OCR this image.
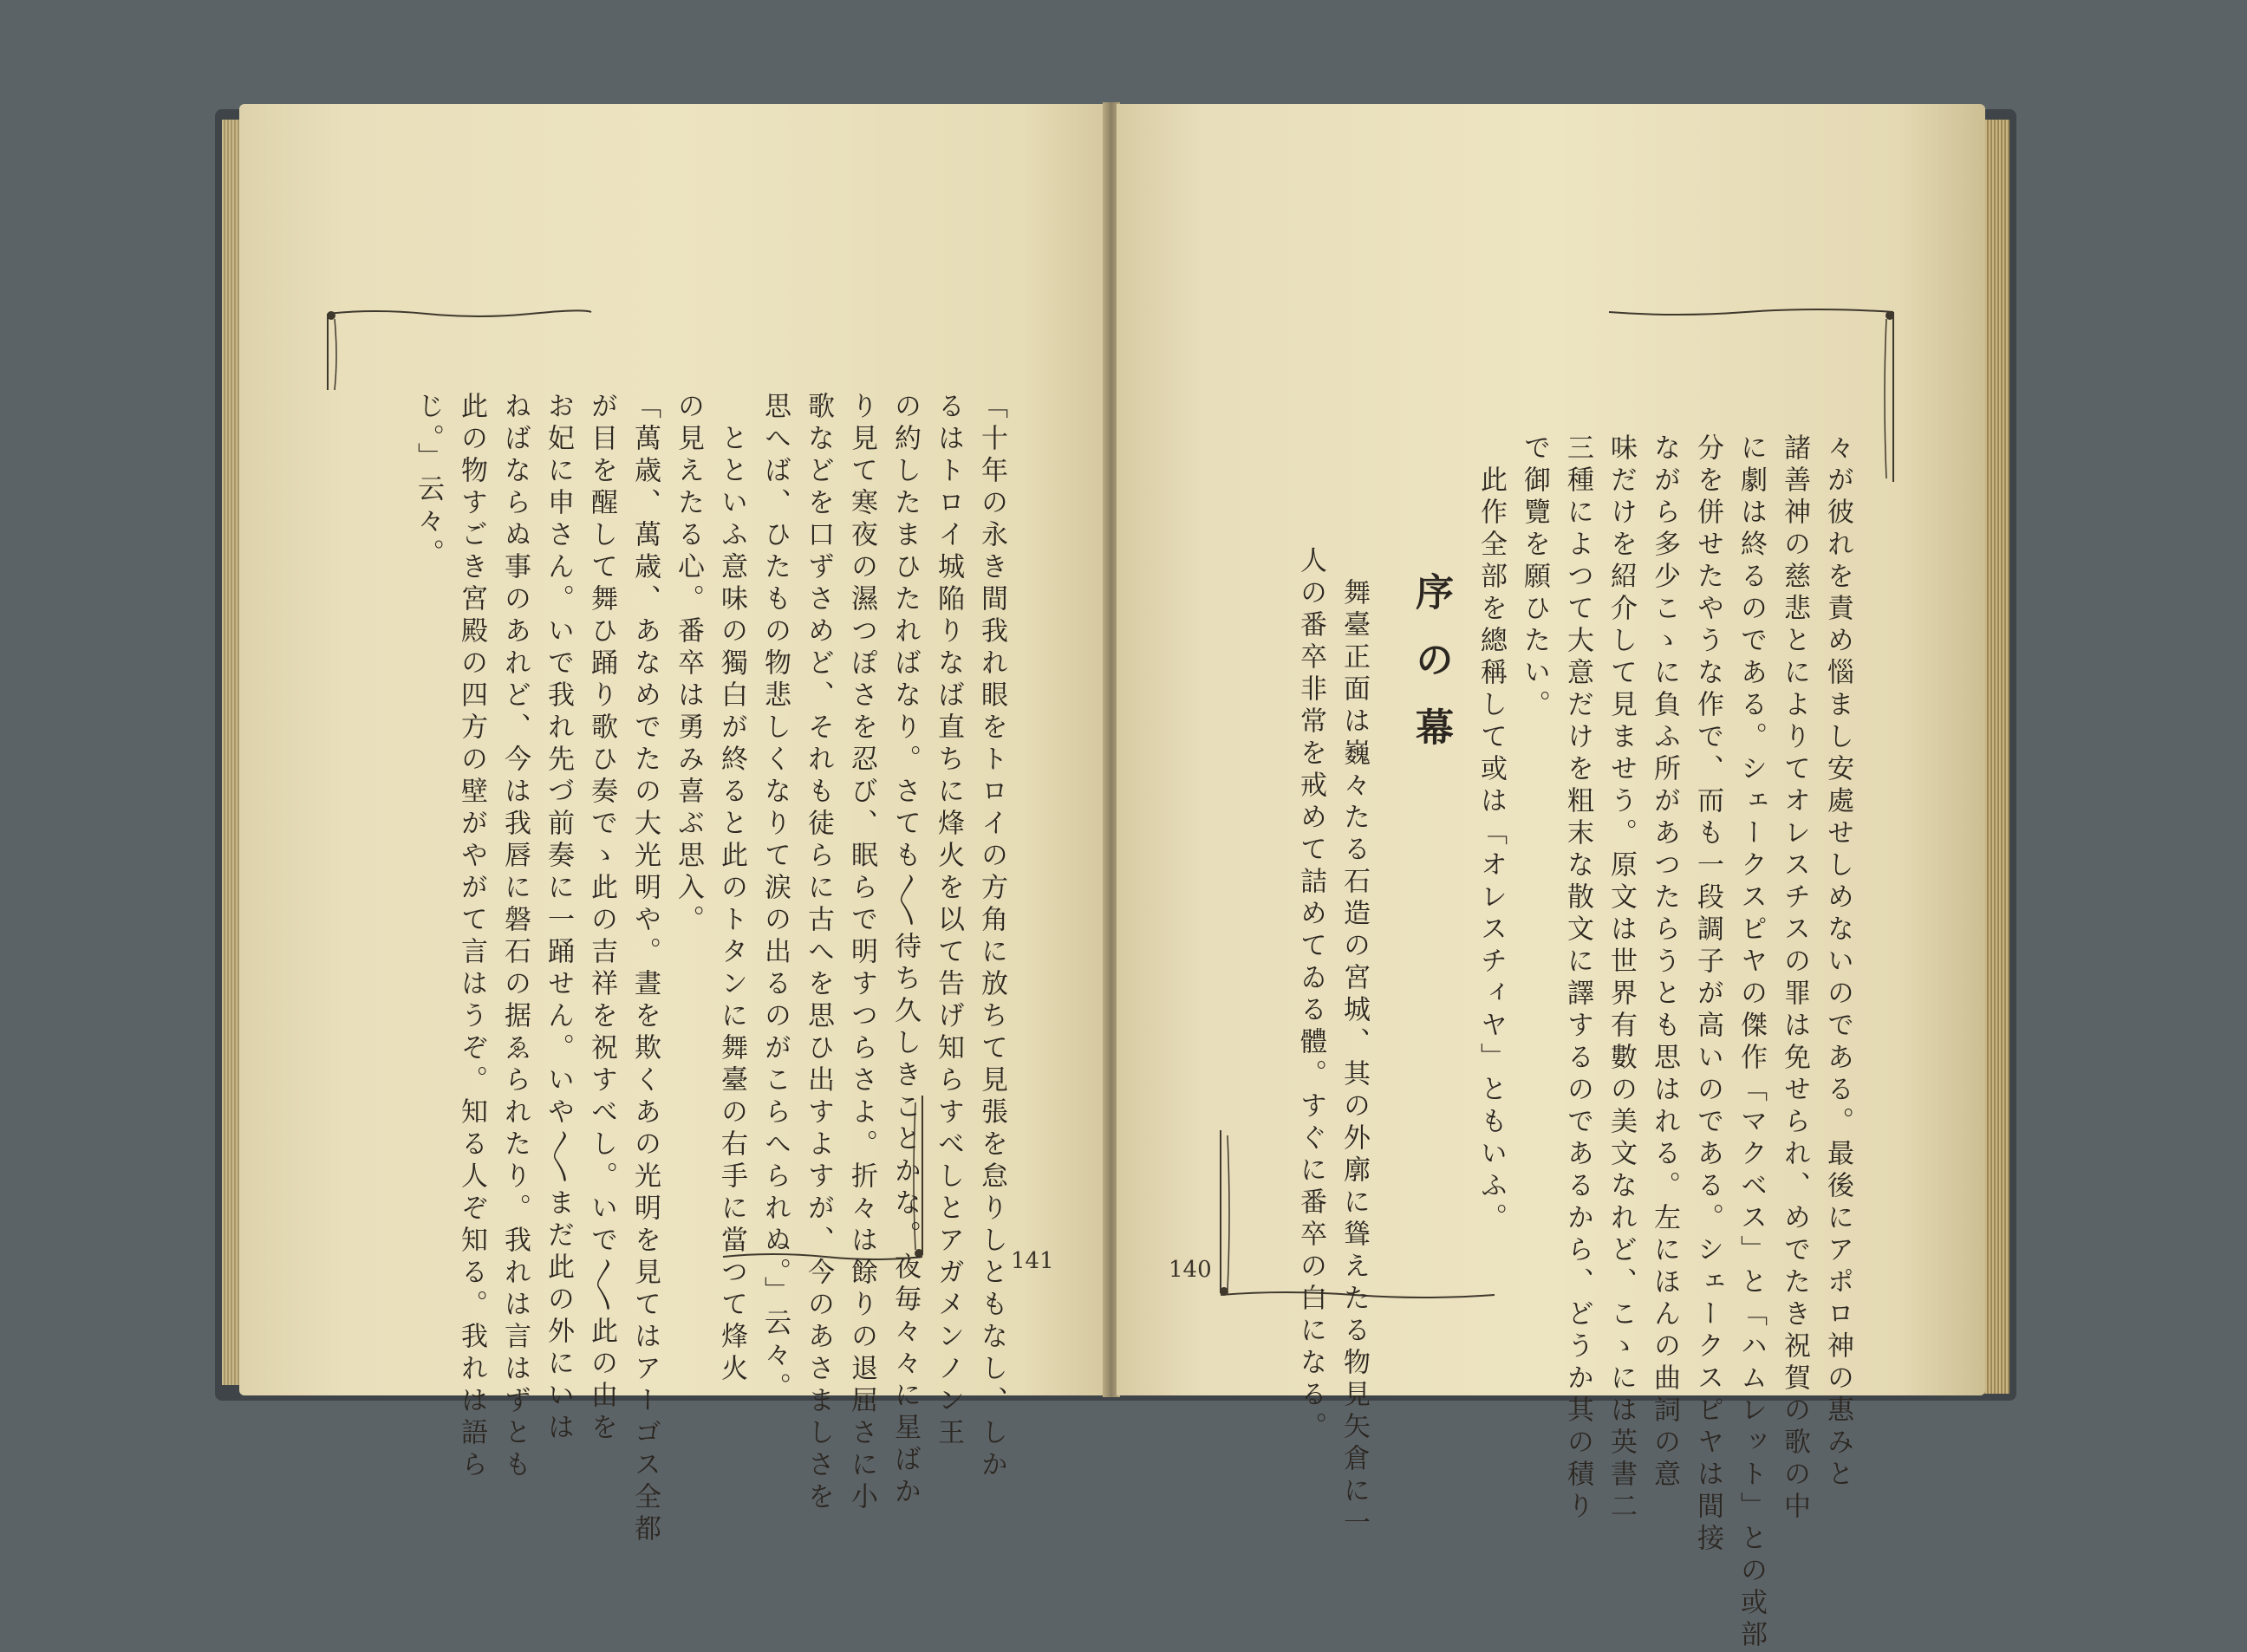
「十年の永き間我れ眼をトロイの方角に放ちて見張を怠りしともなし、しか
るはトロイ城陥りなば直ちに烽火を以て告げ知らすべしとアガメンノン王
の約したまひたればなり。さても〳〵待ち久しきことかな。夜毎々々に星ばか
り見て寒夜の濕つぽさを忍び、眠らで明すつらさよ。折々は餘りの退屈さに小
歌などを口ずさめど、それも徒らに古へを思ひ出すよすが、今のあさましさを
思へば、ひたもの物悲しくなりて涙の出るのがこらへられぬ。」云々。
　とといふ意味の獨白が終ると此のトタンに舞臺の右手に當つて烽火
の見えたる心。番卒は勇み喜ぶ思入。
「萬歳、萬歳、あなめでたの大光明や。晝を欺くあの光明を見てはアーゴス全都
が目を醒して舞ひ踊り歌ひ奏でゝ此の吉祥を祝すべし。いで〳〵此の由を
お妃に申さん。いで我れ先づ前奏に一踊せん。いや〳〵まだ此の外にいは
ねばならぬ事のあれど、今は我唇に磐石の据ゑられたり。我れは言はずとも
此の物すごき宮殿の四方の壁がやがて言はうぞ。知る人ぞ知る。我れは語ら
じ。」云々。
141	々が彼れを責め惱まし安處せしめないのである。最後にアポロ神の惠みと
諸善神の慈悲とによりてオレスチスの罪は免せられ、めでたき祝賀の歌の中
に劇は終るのである。シェークスピヤの傑作「マクベス」と「ハムレット」との或部
分を併せたやうな作で、而も一段調子が高いのである。シェークスピヤは間接
ながら多少こゝに負ふ所があつたらうとも思はれる。左にほんの曲詞の意
味だけを紹介して見ませう。原文は世界有數の美文なれど、こゝには英書二
三種によつて大意だけを粗末な散文に譯するのであるから、どうか其の積り
で御覽を願ひたい。
　此作全部を總稱して或は「オレスチィヤ」ともいふ。
序の幕
　舞臺正面は巍々たる石造の宮城、其の外廓に聳えたる物見矢倉に一
人の番卒非常を戒めて詰めてゐる體。すぐに番卒の白になる。
140
